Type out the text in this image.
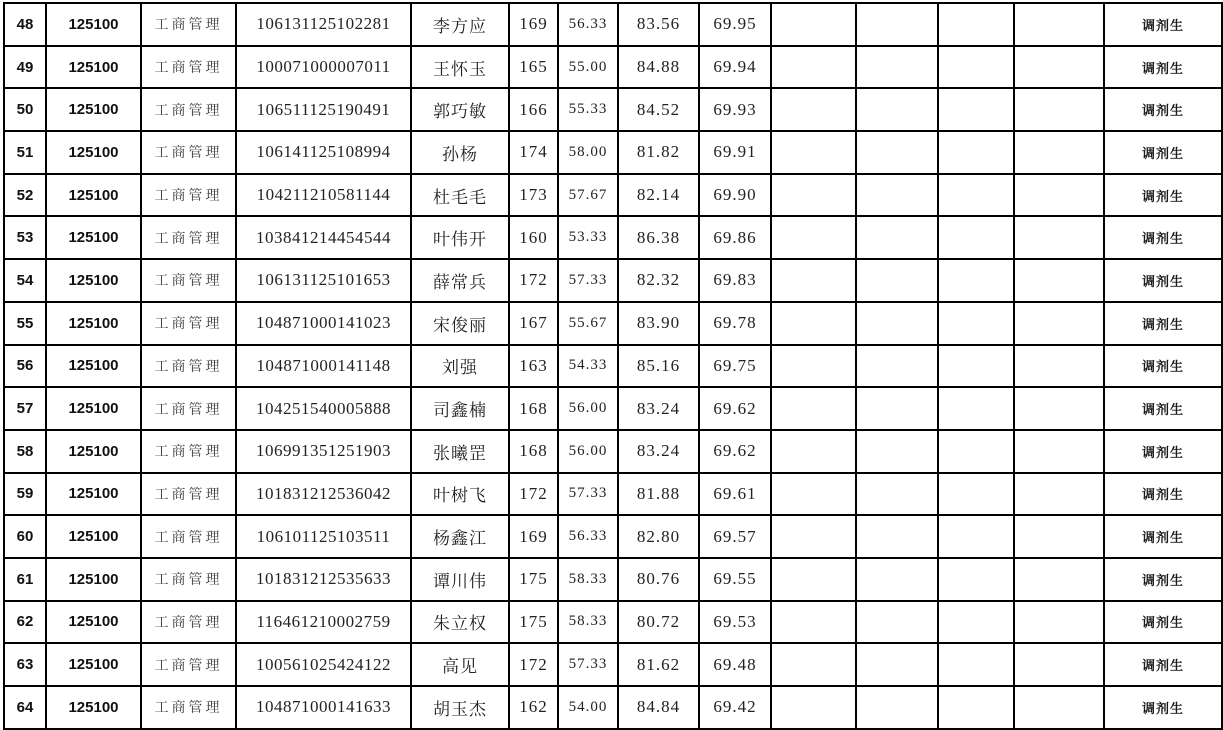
48	125100	工商管理	106131125102281	李方应	169	56.33	83.56	69.95					调剂生
49	125100	工商管理	100071000007011	王怀玉	165	55.00	84.88	69.94					调剂生
50	125100	工商管理	106511125190491	郭巧敏	166	55.33	84.52	69.93					调剂生
51	125100	工商管理	106141125108994	孙杨	174	58.00	81.82	69.91					调剂生
52	125100	工商管理	104211210581144	杜毛毛	173	57.67	82.14	69.90					调剂生
53	125100	工商管理	103841214454544	叶伟开	160	53.33	86.38	69.86					调剂生
54	125100	工商管理	106131125101653	薛常兵	172	57.33	82.32	69.83					调剂生
55	125100	工商管理	104871000141023	宋俊丽	167	55.67	83.90	69.78					调剂生
56	125100	工商管理	104871000141148	刘强	163	54.33	85.16	69.75					调剂生
57	125100	工商管理	104251540005888	司鑫楠	168	56.00	83.24	69.62					调剂生
58	125100	工商管理	106991351251903	张曦罡	168	56.00	83.24	69.62					调剂生
59	125100	工商管理	101831212536042	叶树飞	172	57.33	81.88	69.61					调剂生
60	125100	工商管理	106101125103511	杨鑫江	169	56.33	82.80	69.57					调剂生
61	125100	工商管理	101831212535633	谭川伟	175	58.33	80.76	69.55					调剂生
62	125100	工商管理	116461210002759	朱立权	175	58.33	80.72	69.53					调剂生
63	125100	工商管理	100561025424122	高见	172	57.33	81.62	69.48					调剂生
64	125100	工商管理	104871000141633	胡玉杰	162	54.00	84.84	69.42					调剂生
